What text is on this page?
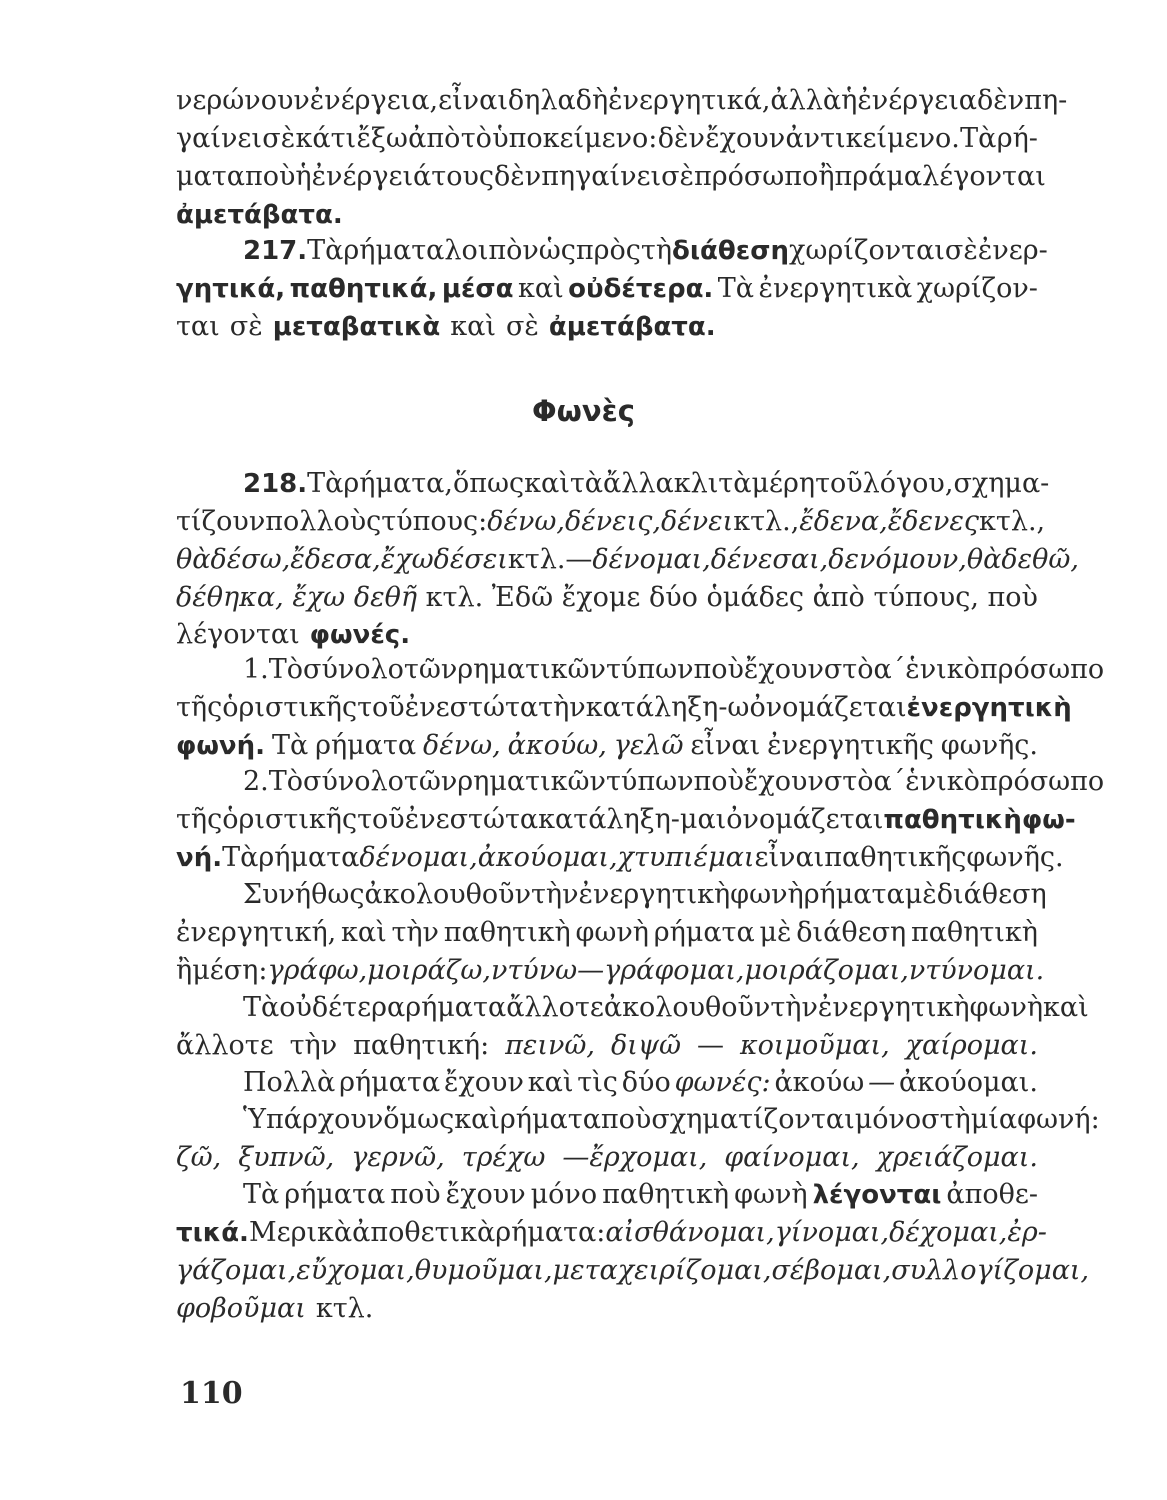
νερώνουν ἐνέργεια, εἶναι δηλαδὴ ἐνεργητικά, ἀλλὰ ἡ ἐνέργεια δὲν πη-
γαίνει σὲ κάτι ἔξω ἀπὸ τὸ ὑποκείμενο: δὲν ἔχουν ἀντικείμενο. Τὰ ρή-
ματα ποὺ ἡ ἐνέργειά τους δὲν πηγαίνει σὲ πρόσωπο ἢ πράμα λέγονται
ἀμετάβατα.
217. Τὰ ρήματα λοιπὸν ὡς πρὸς τὴ διάθεση χωρίζονται σὲ ἐνερ-
γητικά, παθητικά, μέσα καὶ οὐδέτερα. Τὰ ἐνεργητικὰ χωρίζον-
ται σὲ μεταβατικὰ καὶ σὲ ἀμετάβατα.
Φωνὲς
218. Τὰ ρήματα, ὅπως καὶ τὰ ἄλλα κλιτὰ μέρη τοῦ λόγου, σχημα-
τίζουν πολλοὺς τύπους: δένω, δένεις, δένει κτλ., ἔδενα, ἔδενες κτλ.,
θὰ δέσω, ἔδεσα, ἔχω δέσει κτλ.— δένομαι, δένεσαι, δενόμουν, θὰ δεθῶ,
δέθηκα, ἔχω δεθῆ κτλ. Ἐδῶ ἔχομε δύο ὁμάδες ἀπὸ τύπους, ποὺ
λέγονται φωνές.
1. Τὸ σύνολο τῶν ρηματικῶν τύπων ποὺ ἔχουν στὸ α΄ ἑνικὸ πρόσωπο
τῆς ὁριστικῆς τοῦ ἐνεστώτα τὴν κατάληξη -ω ὀνομάζεται ἐνεργητικὴ
φωνή. Τὰ ρήματα δένω, ἀκούω, γελῶ εἶναι ἐνεργητικῆς φωνῆς.
2. Τὸ σύνολο τῶν ρηματικῶν τύπων ποὺ ἔχουν στὸ α΄ ἑνικὸ πρόσωπο
τῆς ὁριστικῆς τοῦ ἐνεστώτα κατάληξη -μαι ὀνομάζεται παθητικὴ φω-
νή. Τὰ ρήματα δένομαι, ἀκούομαι, χτυπιέμαι εἶναι παθητικῆς φωνῆς.
Συνήθως ἀκολουθοῦν τὴν ἐνεργητικὴ φωνὴ ρήματα μὲ διάθεση
ἐνεργητική, καὶ τὴν παθητικὴ φωνὴ ρήματα μὲ διάθεση παθητικὴ
ἢ μέση : γράφω, μοιράζω, ντύνω —γράφομαι, μοιράζομαι, ντύνομαι.
Τὰ οὐδέτερα ρήματα ἄλλοτε ἀκολουθοῦν τὴν ἐνεργητικὴ φωνὴ καὶ
ἄλλοτε τὴν παθητική: πεινῶ, διψῶ — κοιμοῦμαι, χαίρομαι.
Πολλὰ ρήματα ἔχουν καὶ τὶς δύο φωνές: ἀκούω — ἀκούομαι.
Ὑπάρχουν ὅμως καὶ ρήματα ποὺ σχηματίζονται μόνο στὴ μία φωνή:
ζῶ, ξυπνῶ, γερνῶ, τρέχω —ἔρχομαι, φαίνομαι, χρειάζομαι.
Τὰ ρήματα ποὺ ἔχουν μόνο παθητικὴ φωνὴ λέγονται ἀποθε-
τικά. Μερικὰ ἀποθετικὰ ρήματα: αἰσθάνομαι, γίνομαι, δέχομαι, ἐρ-
γάζομαι, εὔχομαι, θυμοῦμαι, μεταχειρίζομαι, σέβομαι, συλλογίζομαι,
φοβοῦμαι κτλ.
110
